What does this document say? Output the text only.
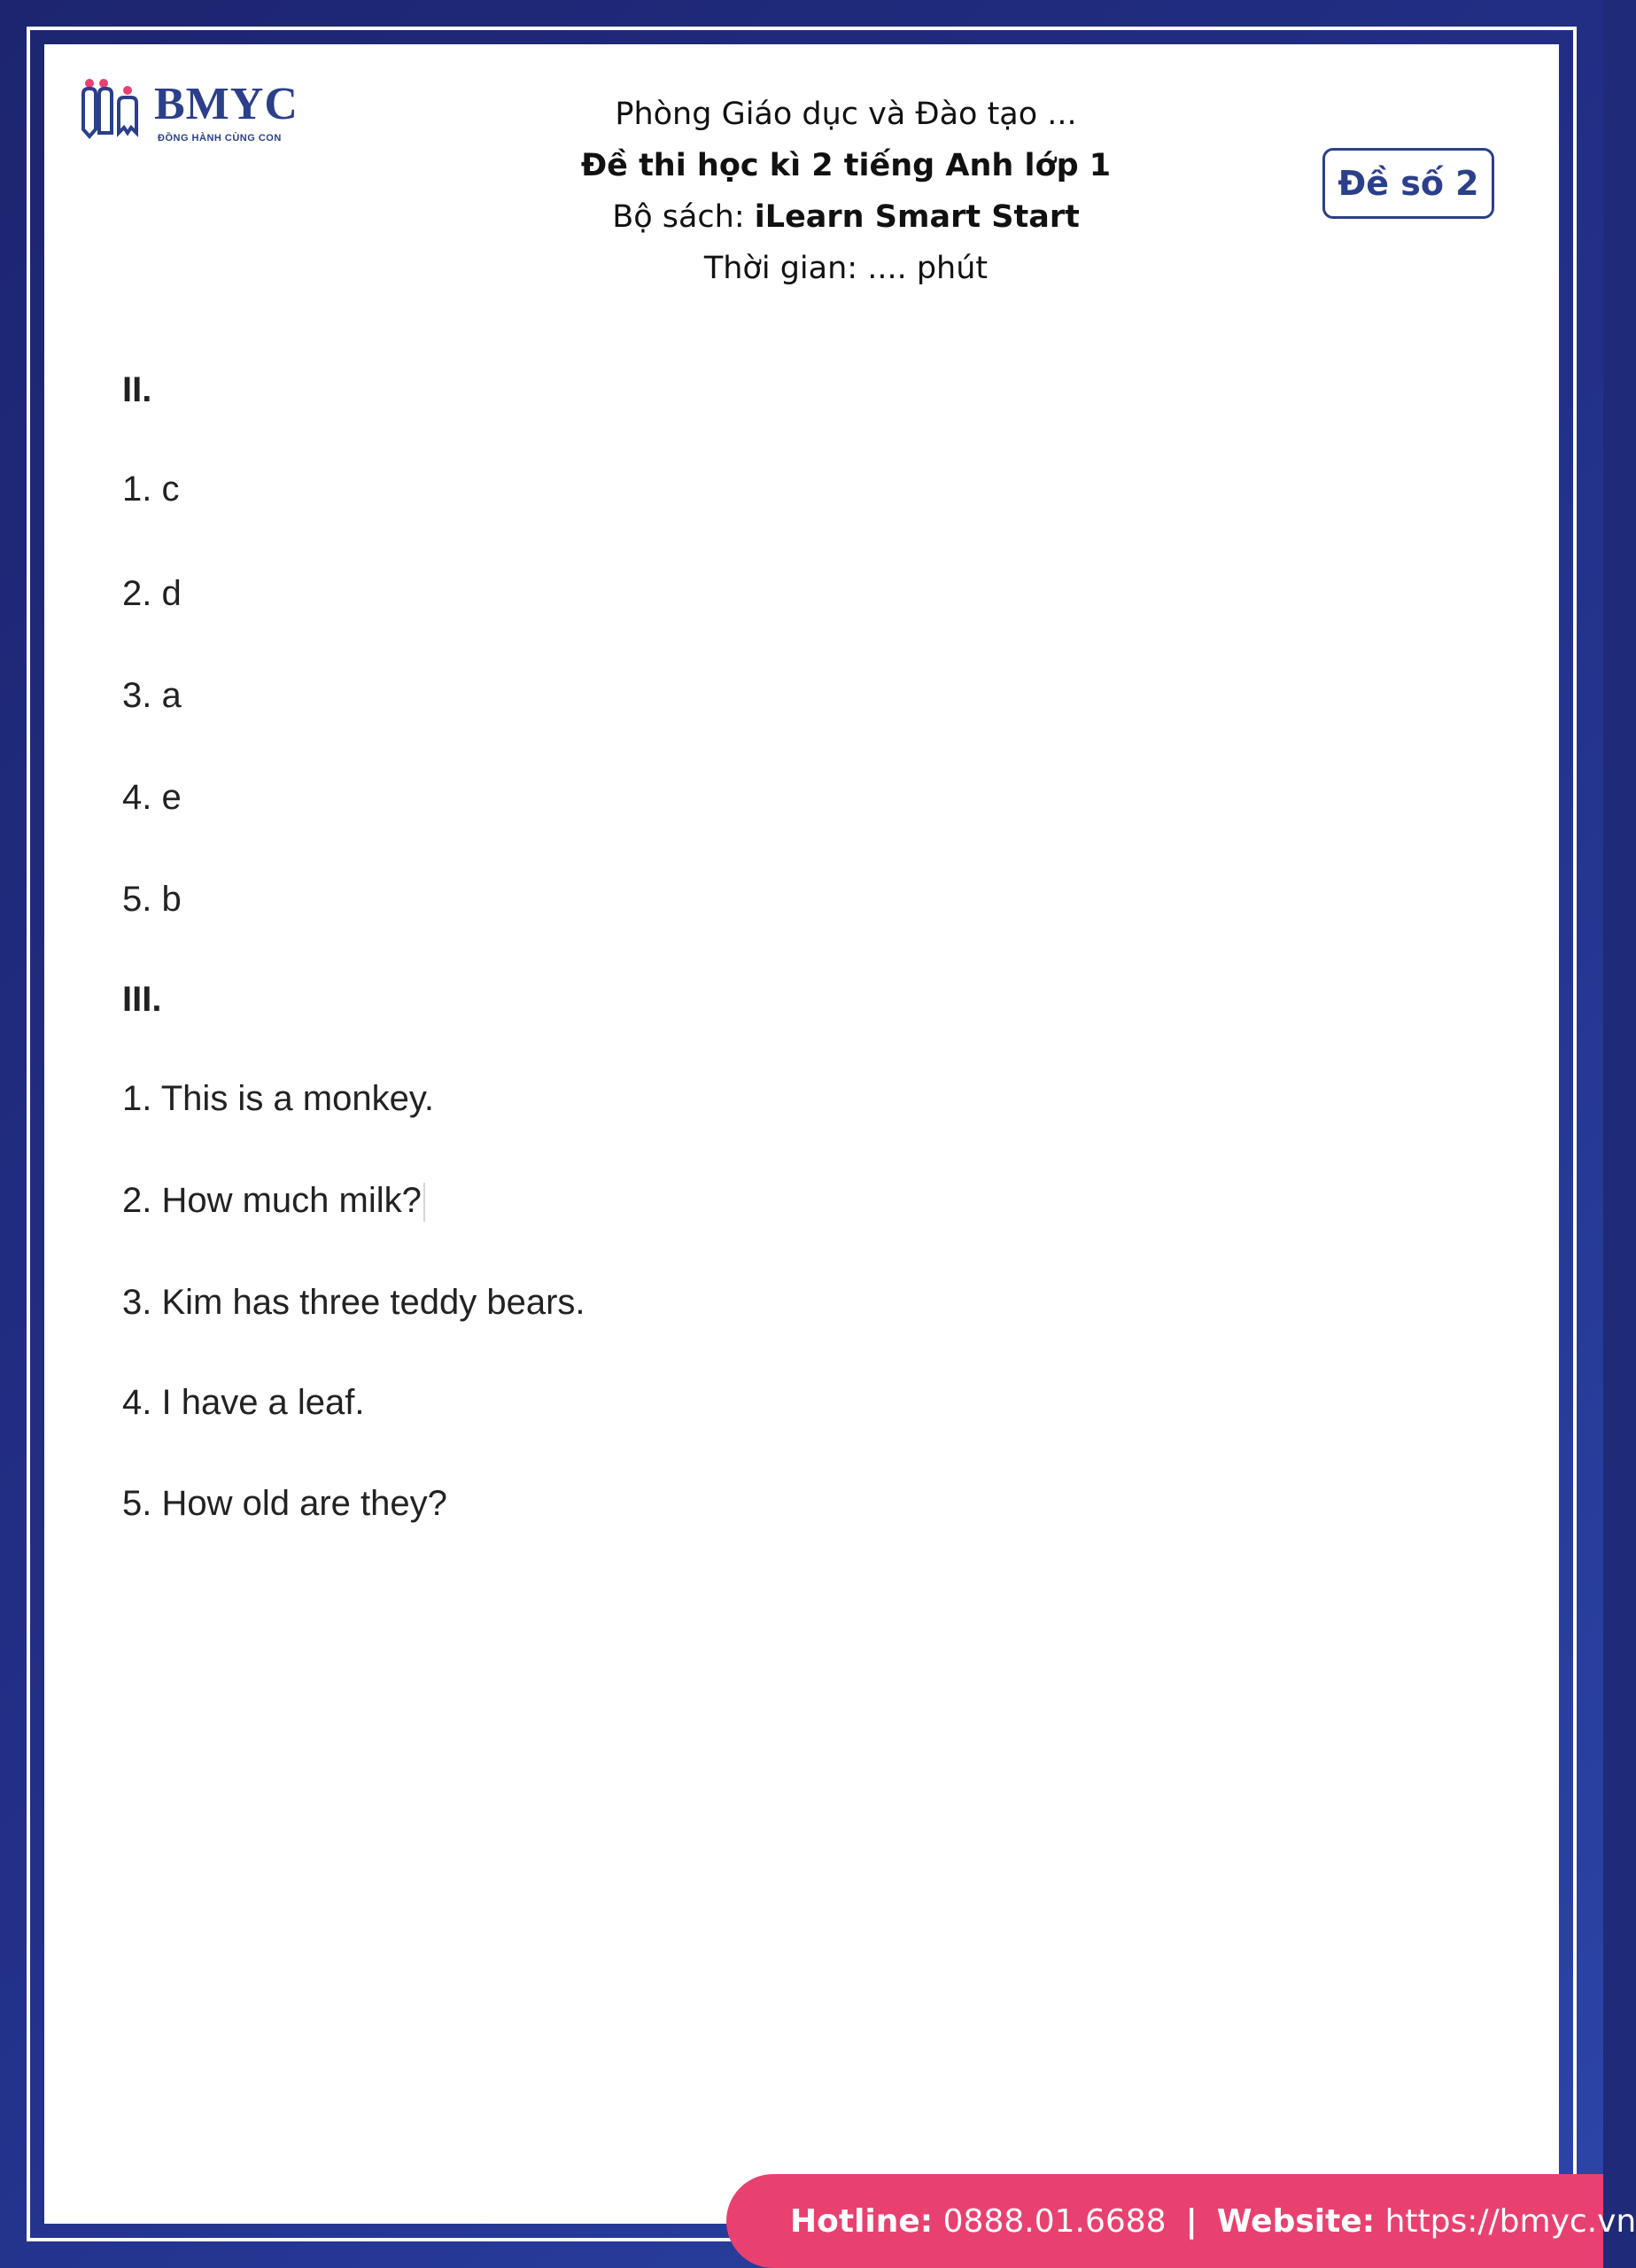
BMYC
ĐỒNG HÀNH CÙNG CON
Phòng Giáo dục và Đào tạo ...
Đề thi học kì 2 tiếng Anh lớp 1
Bộ sách: iLearn Smart Start
Thời gian: .... phút
Đề số 2
II.
1. c
2. d
3. a
4. e
5. b
III.
1. This is a monkey.
2. How much milk?
3. Kim has three teddy bears.
4. I have a leaf.
5. How old are they?
Hotline:
0888.01.6688 | Website:
https://bmyc.vn
